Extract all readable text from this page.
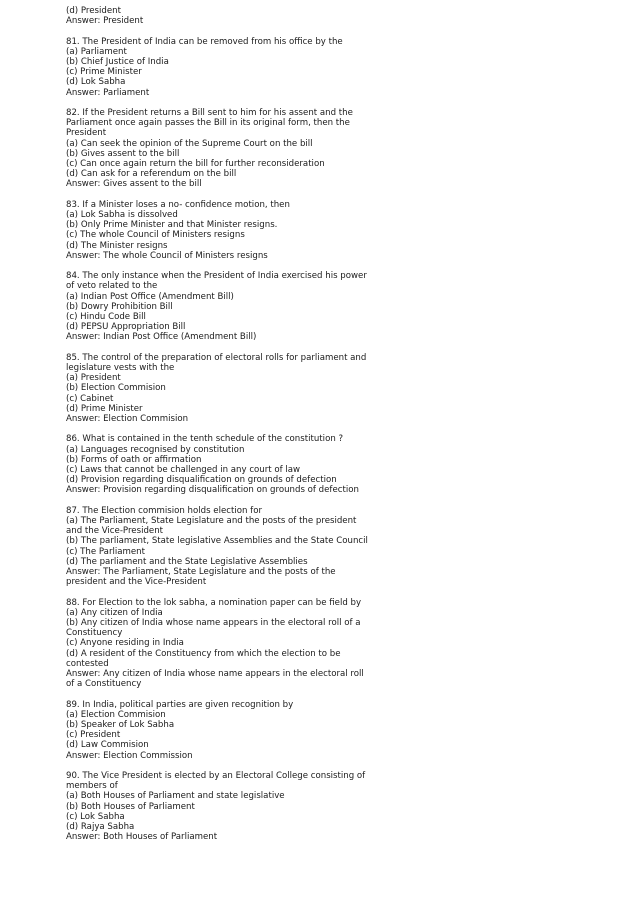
(d) President
Answer: President
81. The President of India can be removed from his office by the
(a) Parliament
(b) Chief Justice of India
(c) Prime Minister
(d) Lok Sabha
Answer: Parliament
82. If the President returns a Bill sent to him for his assent and the
Parliament once again passes the Bill in its original form, then the
President
(a) Can seek the opinion of the Supreme Court on the bill
(b) Gives assent to the bill
(c) Can once again return the bill for further reconsideration
(d) Can ask for a referendum on the bill
Answer: Gives assent to the bill
83. If a Minister loses a no- confidence motion, then
(a) Lok Sabha is dissolved
(b) Only Prime Minister and that Minister resigns.
(c) The whole Council of Ministers resigns
(d) The Minister resigns
Answer: The whole Council of Ministers resigns
84. The only instance when the President of India exercised his power
of veto related to the
(a) Indian Post Office (Amendment Bill)
(b) Dowry Prohibition Bill
(c) Hindu Code Bill
(d) PEPSU Appropriation Bill
Answer: Indian Post Office (Amendment Bill)
85. The control of the preparation of electoral rolls for parliament and
legislature vests with the
(a) President
(b) Election Commision
(c) Cabinet
(d) Prime Minister
Answer: Election Commision
86. What is contained in the tenth schedule of the constitution ?
(a) Languages recognised by constitution
(b) Forms of oath or affirmation
(c) Laws that cannot be challenged in any court of law
(d) Provision regarding disqualification on grounds of defection
Answer: Provision regarding disqualification on grounds of defection
87. The Election commision holds election for
(a) The Parliament, State Legislature and the posts of the president
and the Vice-President
(b) The parliament, State legislative Assemblies and the State Council
(c) The Parliament
(d) The parliament and the State Legislative Assemblies
Answer: The Parliament, State Legislature and the posts of the
president and the Vice-President
88. For Election to the lok sabha, a nomination paper can be field by
(a) Any citizen of India
(b) Any citizen of India whose name appears in the electoral roll of a
Constituency
(c) Anyone residing in India
(d) A resident of the Constituency from which the election to be
contested
Answer: Any citizen of India whose name appears in the electoral roll
of a Constituency
89. In India, political parties are given recognition by
(a) Election Commision
(b) Speaker of Lok Sabha
(c) President
(d) Law Commision
Answer: Election Commission
90. The Vice President is elected by an Electoral College consisting of
members of
(a) Both Houses of Parliament and state legislative
(b) Both Houses of Parliament
(c) Lok Sabha
(d) Rajya Sabha
Answer: Both Houses of Parliament
